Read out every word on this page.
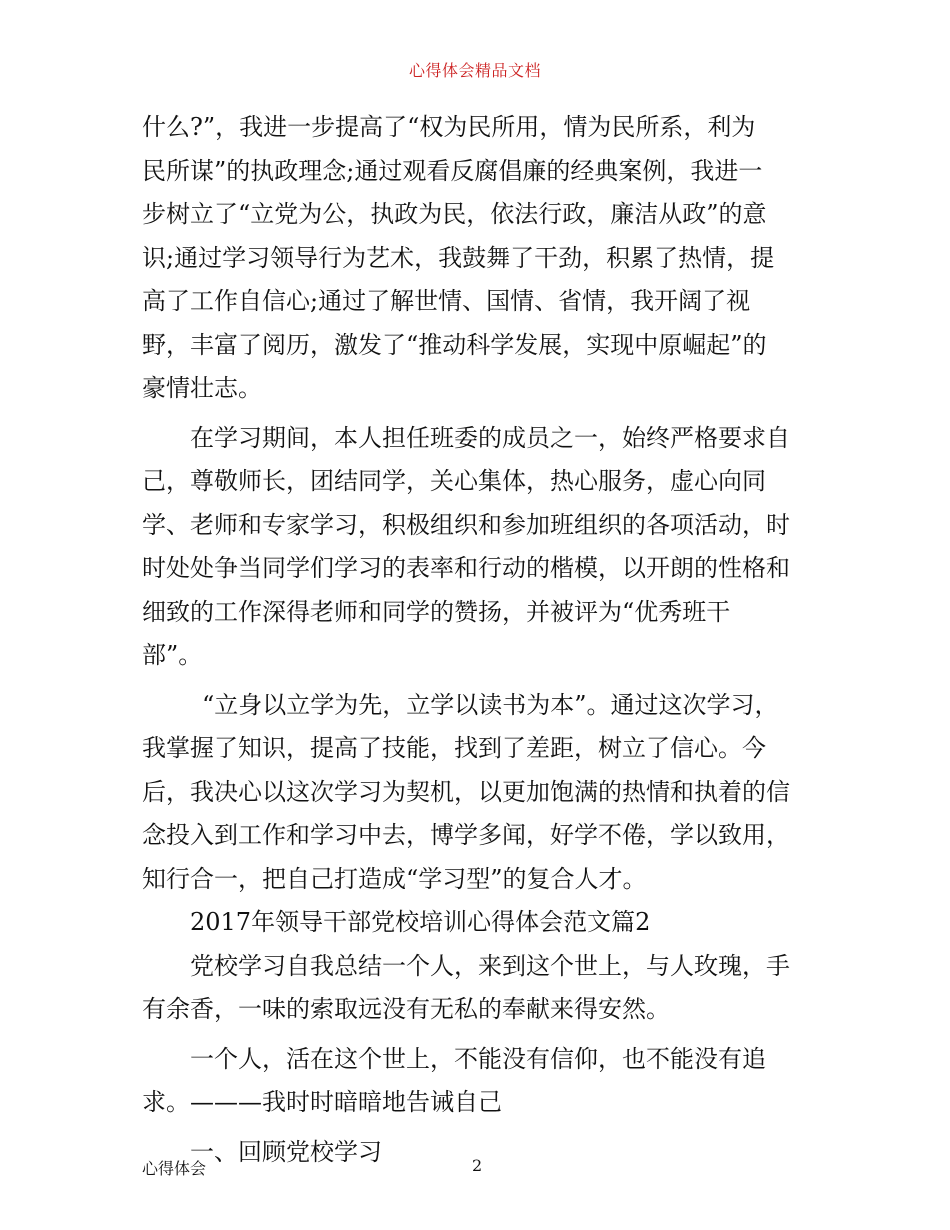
心得体会精品文档
什么?”，我进一步提高了“权为民所用，情为民所系，利为
民所谋”的执政理念;通过观看反腐倡廉的经典案例，我进一
步树立了“立党为公，执政为民，依法行政，廉洁从政”的意
识;通过学习领导行为艺术，我鼓舞了干劲，积累了热情，提
高了工作自信心;通过了解世情、国情、省情，我开阔了视
野，丰富了阅历，激发了“推动科学发展，实现中原崛起”的
豪情壮志。
在学习期间，本人担任班委的成员之一，始终严格要求自
己，尊敬师长，团结同学，关心集体，热心服务，虚心向同
学、老师和专家学习，积极组织和参加班组织的各项活动，时
时处处争当同学们学习的表率和行动的楷模，以开朗的性格和
细致的工作深得老师和同学的赞扬，并被评为“优秀班干
部”。
“立身以立学为先，立学以读书为本”。通过这次学习，
我掌握了知识，提高了技能，找到了差距，树立了信心。今
后，我决心以这次学习为契机，以更加饱满的热情和执着的信
念投入到工作和学习中去，博学多闻，好学不倦，学以致用，
知行合一，把自己打造成“学习型”的复合人才。
2017年领导干部党校培训心得体会范文篇2
党校学习自我总结一个人，来到这个世上，与人玫瑰，手
有余香，一味的索取远没有无私的奉献来得安然。
一个人，活在这个世上，不能没有信仰，也不能没有追
求。———我时时暗暗地告诫自己
一、回顾党校学习
心得体会	2
